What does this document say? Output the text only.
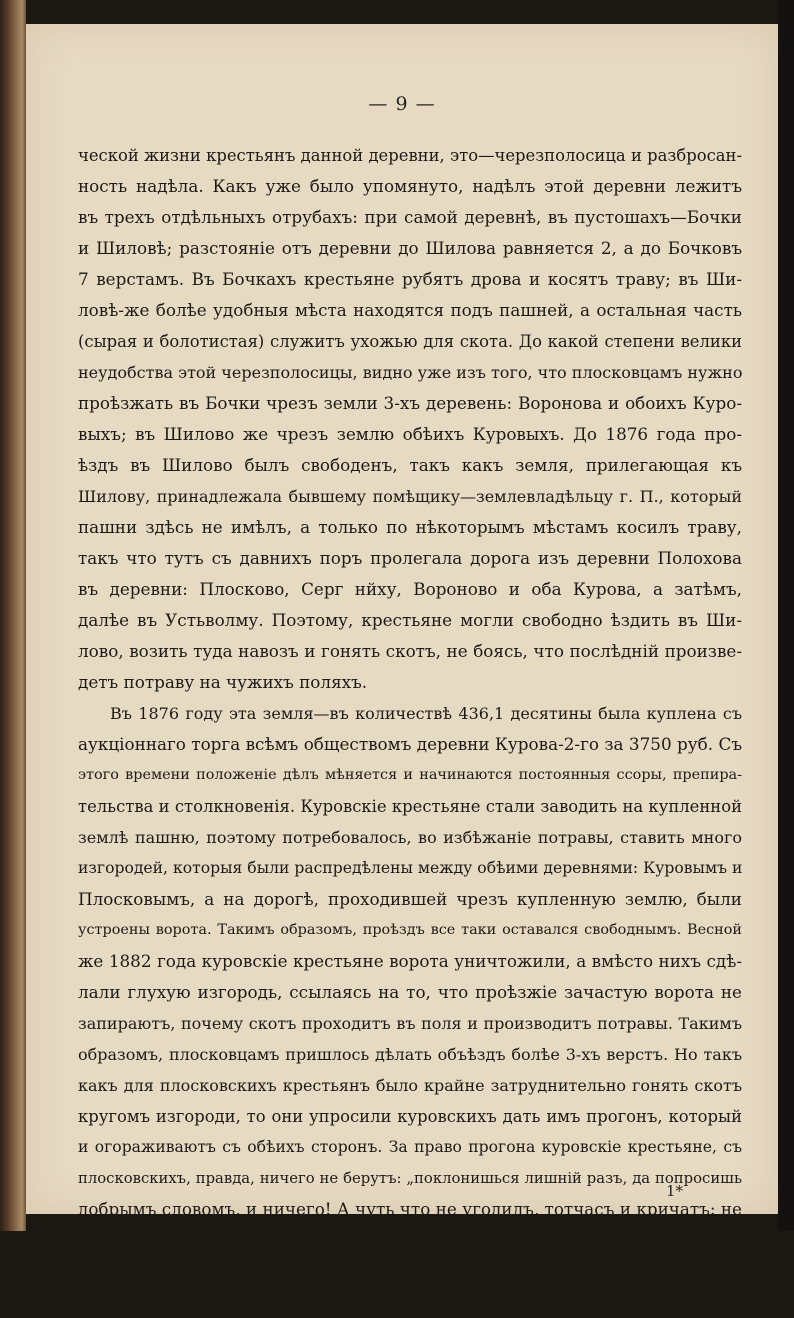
— 9 —

ческой жизни крестьянъ данной деревни, это—черезполосица и разбросан-
ность надѣла. Какъ уже было упомянуто, надѣлъ этой деревни лежитъ
въ трехъ отдѣльныхъ отрубахъ: при самой деревнѣ, въ пустошахъ—Бочки
и Шиловѣ; разстояніе отъ деревни до Шилова равняется 2, а до Бочковъ
7 верстамъ. Въ Бочкахъ крестьяне рубятъ дрова и косятъ траву; въ Ши-
ловѣ-же болѣе удобныя мѣста находятся подъ пашней, а остальная часть
(сырая и болотистая) служитъ ухожью для скота. До какой степени велики
неудобства этой черезполосицы, видно уже изъ того, что плосковцамъ нужно
проѣзжать въ Бочки чрезъ земли 3-хъ деревень: Воронова и обоихъ Куро-
выхъ; въ Шилово же чрезъ землю обѣихъ Куровыхъ. До 1876 года про-
ѣздъ въ Шилово былъ свободенъ, такъ какъ земля, прилегающая къ
Шилову, принадлежала бывшему помѣщику—землевладѣльцу г. П., который
пашни здѣсь не имѣлъ, а только по нѣкоторымъ мѣстамъ косилъ траву,
такъ что тутъ съ давнихъ поръ пролегала дорога изъ деревни Полохова
въ деревни: Плосково, Серг нйху, Вороново и оба Курова, а затѣмъ,
далѣе въ Устьволму. Поэтому, крестьяне могли свободно ѣздить въ Ши-
лово, возить туда навозъ и гонять скотъ, не боясь, что послѣдній произве-
детъ потраву на чужихъ поляхъ.
Въ 1876 году эта земля—въ количествѣ 436,1 десятины была куплена съ
аукціоннаго торга всѣмъ обществомъ деревни Курова-2-го за 3750 руб. Съ
этого времени положеніе дѣлъ мѣняется и начинаются постоянныя ссоры, препира-
тельства и столкновенія. Куровскіе крестьяне стали заводить на купленной
землѣ пашню, поэтому потребовалось, во избѣжаніе потравы, ставить много
изгородей, которыя были распредѣлены между обѣими деревнями: Куровымъ и
Плосковымъ, а на дорогѣ, проходившей чрезъ купленную землю, были
устроены ворота. Такимъ образомъ, проѣздъ все таки оставался свободнымъ. Весной
же 1882 года куровскіе крестьяне ворота уничтожили, а вмѣсто нихъ сдѣ-
лали глухую изгородь, ссылаясь на то, что проѣзжіе зачастую ворота не
запираютъ, почему скотъ проходитъ въ поля и производитъ потравы. Такимъ
образомъ, плосковцамъ пришлось дѣлать объѣздъ болѣе 3-хъ верстъ. Но такъ
какъ для плосковскихъ крестьянъ было крайне затруднительно гонять скотъ
кругомъ изгороди, то они упросили куровскихъ дать имъ прогонъ, который
и огораживаютъ съ обѣихъ сторонъ. За право прогона куровскіе крестьяне, съ
плосковскихъ, правда, ничего не берутъ: „поклонишься лишній разъ, да попросишь
добрымъ словомъ, и ничего! А чуть что не угодилъ, тотчасъ и кричатъ: не
смѣй, дескать, гонять скотъ черезъ нашу землю, нѣтъ тебѣ прогону! Ну и
просимъ, да кланяемся“, говорятъ по этому поводу крестьяне д. Плосково.
Много было споровъ и ссоръ въ это лѣто изъ за уничтоженія изгороди
1*
